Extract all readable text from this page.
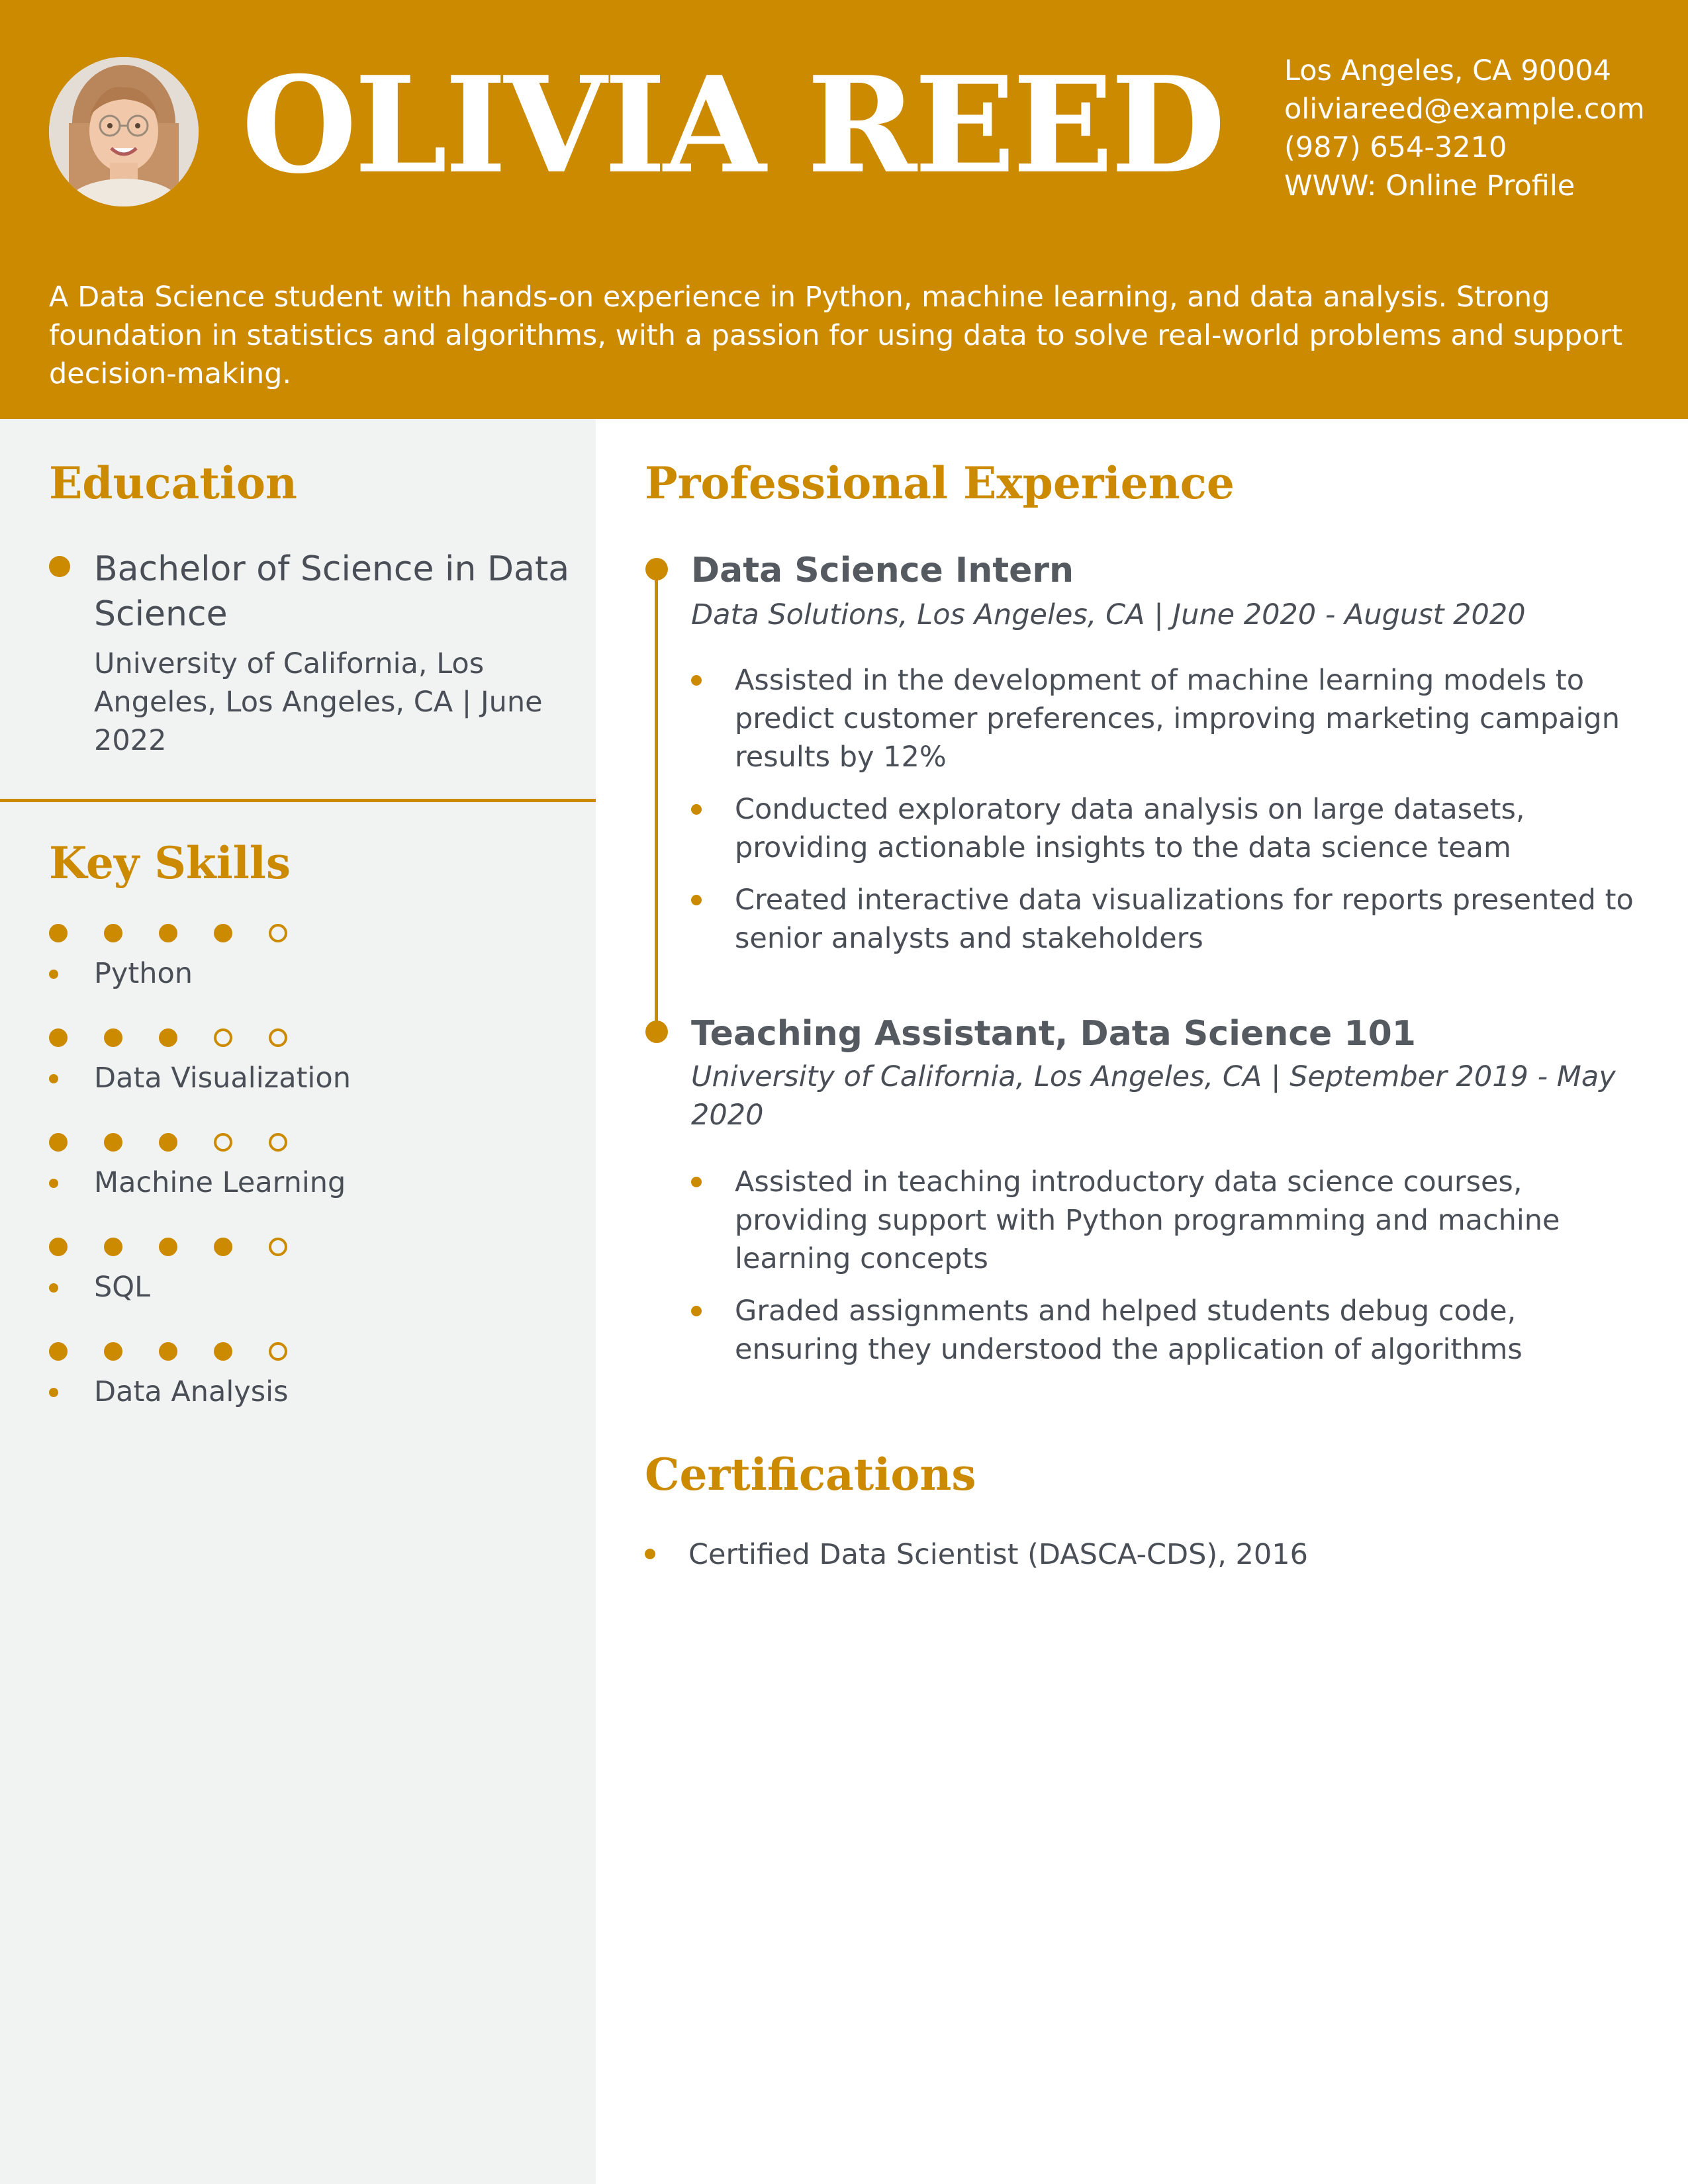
OLIVIA REED Los Angeles, CA 90004
oliviareed@example.com
(987) 654-3210
WWW: Online Profile
A Data Science student with hands-on experience in Python, machine learning, and data analysis. Strong foundation in statistics and algorithms, with a passion for using data to solve real-world problems and support decision-making.
Education
Bachelor of Science in Data Science
University of California, Los Angeles, Los Angeles, CA | June 2022
Key Skills
Python
Data Visualization
Machine Learning
SQL
Data Analysis
Professional Experience
Data Science Intern
Data Solutions, Los Angeles, CA | June 2020 - August 2020
Assisted in the development of machine learning models to predict customer preferences, improving marketing campaign results by 12%
Conducted exploratory data analysis on large datasets, providing actionable insights to the data science team
Created interactive data visualizations for reports presented to senior analysts and stakeholders
Teaching Assistant, Data Science 101
University of California, Los Angeles, CA | September 2019 - May 2020
Assisted in teaching introductory data science courses, providing support with Python programming and machine learning concepts
Graded assignments and helped students debug code, ensuring they understood the application of algorithms
Certifications
Certified Data Scientist (DASCA-CDS), 2016
